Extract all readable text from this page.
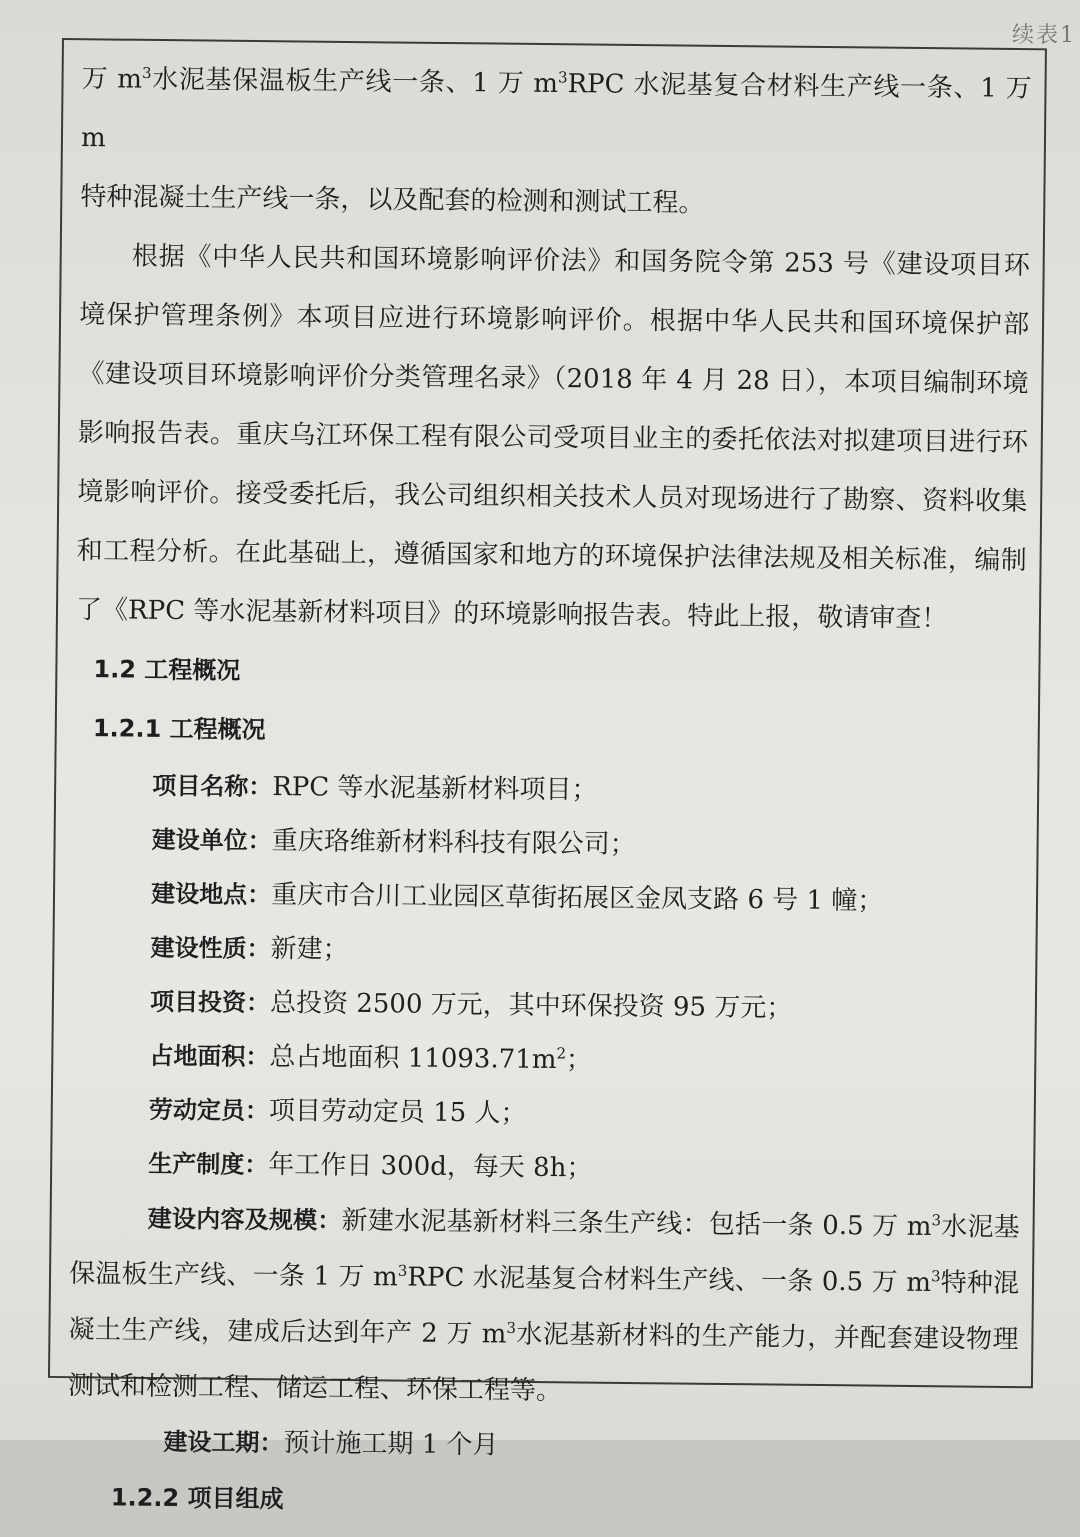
续表1

万 $m^3$水泥基保温板生产线一条、1 万 $m^3RPC$ 水泥基复合材料生产线一条、1 万 m

特种混凝土生产线一条，以及配套的检测和测试工程。

根据《中华人民共和国环境影响评价法》和国务院令第 253 号《建设项目环境保护管理条例》本项目应进行环境影响评价。根据中华人民共和国环境保护部《建设项目环境影响评价分类管理名录》（2018 年 4 月 28 日），本项目编制环境影响报告表。重庆乌江环保工程有限公司受项目业主的委托依法对拟建项目进行环境影响评价。接受委托后，我公司组织相关技术人员对现场进行了勘察、资料收集和工程分析。在此基础上，遵循国家和地方的环境保护法律法规及相关标准，编制了《RPC 等水泥基新材料项目》的环境影响报告表。特此上报，敬请审查！

1.2 工程概况

1.2.1 工程概况

项目名称：RPC 等水泥基新材料项目；

建设单位：重庆珞维新材料科技有限公司；

建设地点：重庆市合川工业园区草街拓展区金凤支路 6 号 1 幢；

建设性质：新建；

项目投资：总投资 2500 万元，其中环保投资 95 万元；

占地面积：总占地面积 $11093.71m^2$；

劳动定员：项目劳动定员 15 人；

生产制度：年工作日 300d，每天 8h；

建设内容及规模：新建水泥基新材料三条生产线：包括一条 0.5 万 $m^3$水泥基保温板生产线、一条 1 万 $m^3RPC$ 水泥基复合材料生产线、一条 0.5 万 $m^3$特种混凝土生产线，建成后达到年产 2 万 $m^3$水泥基新材料的生产能力，并配套建设物理测试和检测工程、储运工程、环保工程等。

建设工期：预计施工期 1 个月

1.2.2 项目组成
